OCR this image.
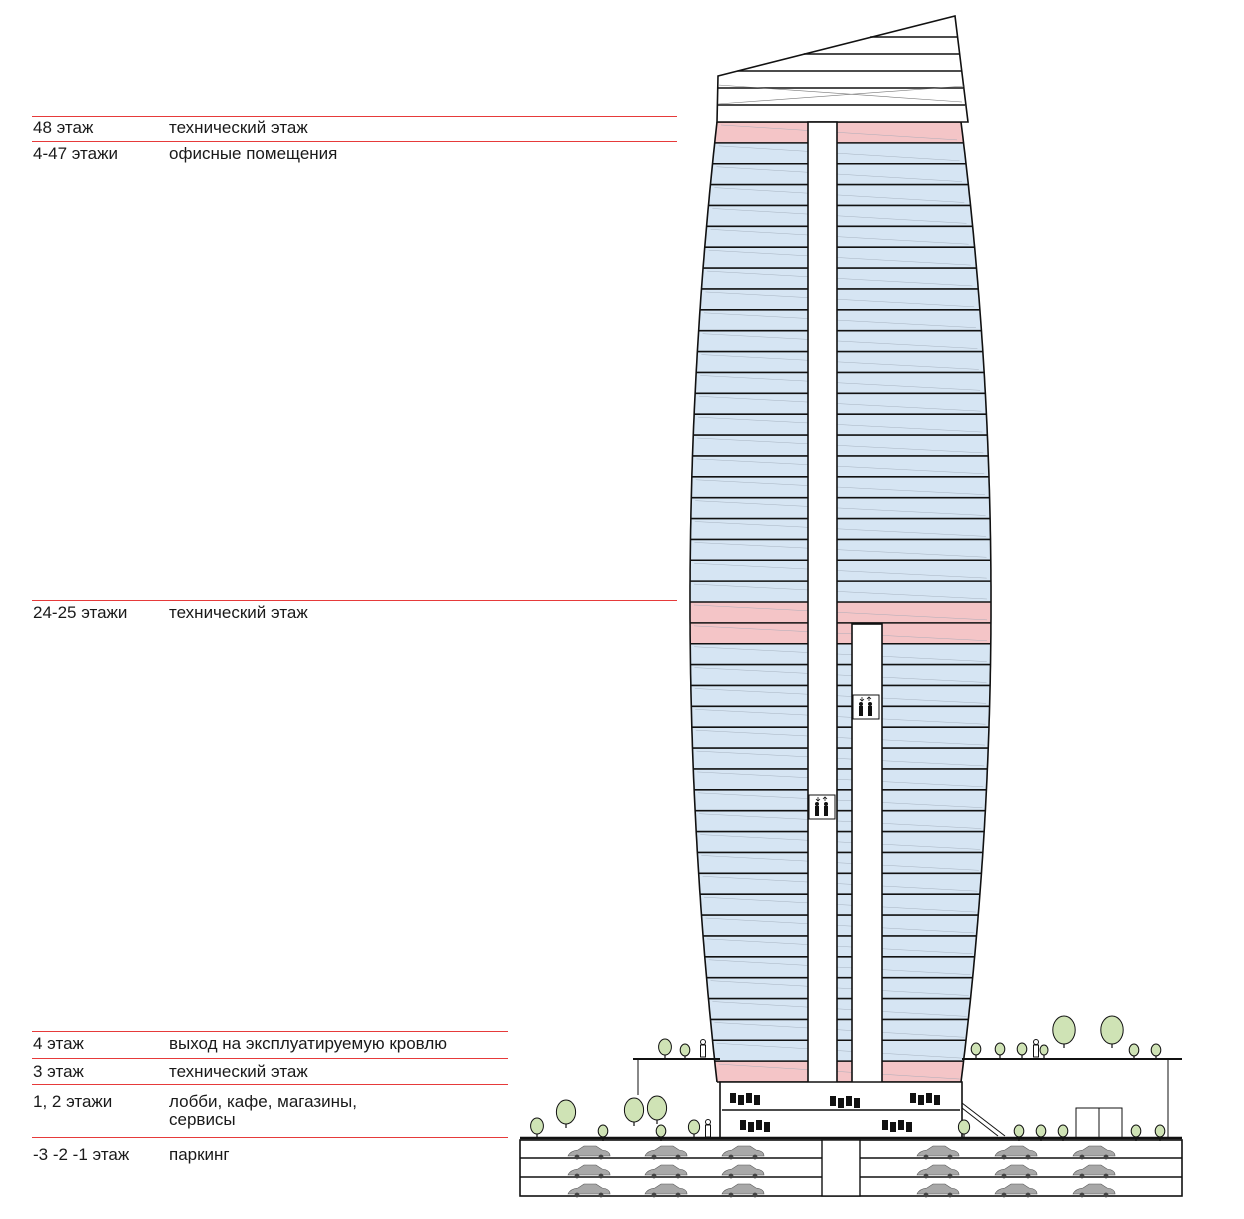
48 этаж	технический этаж
4-47 этажи	офисные помещения
24-25 этажи технический этаж
4 этаж	выход на эксплуатируемую кровлю
3 этаж	технический этаж
1, 2 этажи	лобби, кафе, магазины,
сервисы
-3 -2 -1 этаж паркинг
